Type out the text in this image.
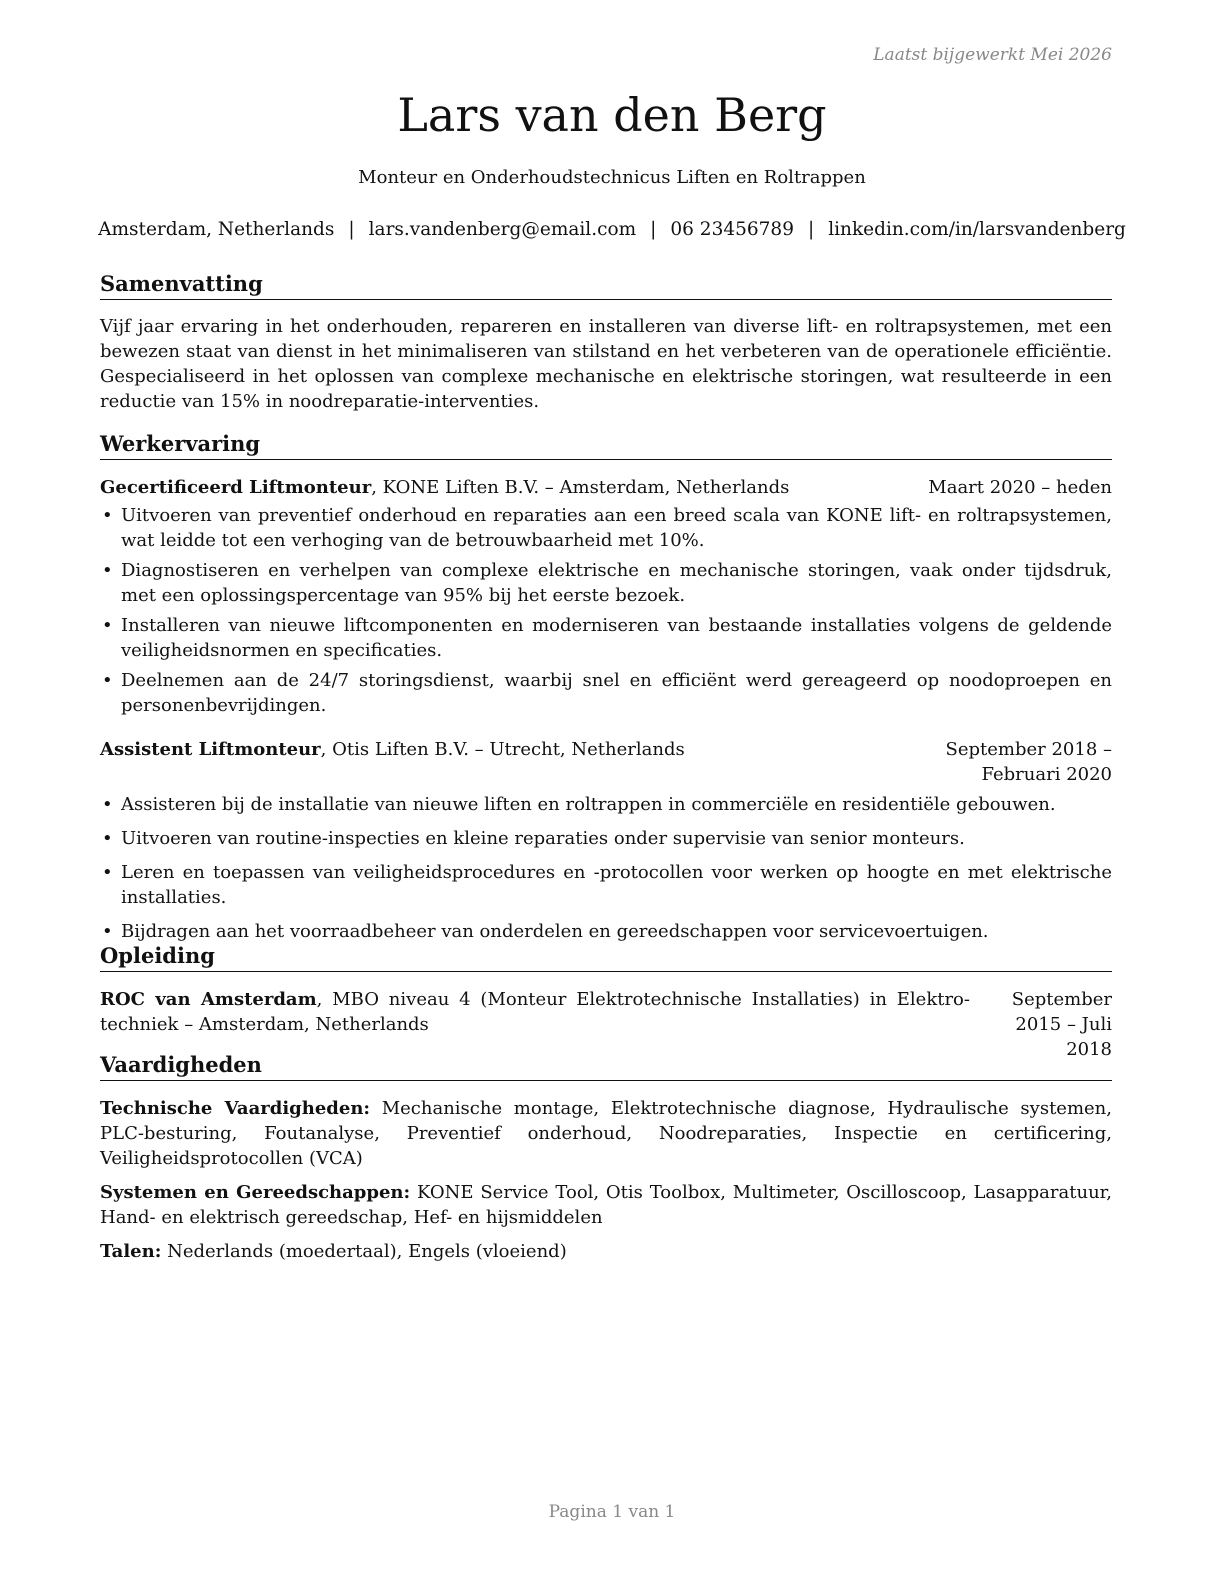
Laatst bijgewerkt Mei 2026
Lars van den Berg
Monteur en Onderhoudstechnicus Liften en Roltrappen
Amsterdam, Netherlands | lars.vandenberg@email.com | 06 23456789 | linkedin.com/in/larsvandenberg
Samenvatting

Vijf jaar ervaring in het onderhouden, repareren en installeren van diverse lift- en roltrapsystemen, met een bewezen staat van dienst in het minimaliseren van stilstand en het verbeteren van de operationele efficiëntie. Gespecialiseerd in het oplossen van complexe mechanische en elektrische storingen, wat resulteerde in een reductie van 15% in noodreparatie-interventies.

Werkervaring
Gecertificeerd Liftmonteur, KONE Liften B.V. – Amsterdam, Netherlands	Maart 2020 – heden
• Uitvoeren van preventief onderhoud en reparaties aan een breed scala van KONE lift- en roltrapsystemen, wat leidde tot een verhoging van de betrouwbaarheid met 10%.
• Diagnostiseren en verhelpen van complexe elektrische en mechanische storingen, vaak onder tijdsdruk, met een oplossingspercentage van 95% bij het eerste bezoek.
• Installeren van nieuwe liftcomponenten en moderniseren van bestaande installaties volgens de geldende veiligheidsnormen en specificaties.
• Deelnemen aan de 24/7 storingsdienst, waarbij snel en efficiënt werd gereageerd op noodoproepen en personenbevrijdingen.
Assistent Liftmonteur, Otis Liften B.V. – Utrecht, Netherlands	September 2018 – Februari 2020
• Assisteren bij de installatie van nieuwe liften en roltrappen in commerciële en residentiële gebouwen.
• Uitvoeren van routine-inspecties en kleine reparaties onder supervisie van senior monteurs.
• Leren en toepassen van veiligheidsprocedures en -protocollen voor werken op hoogte en met elektrische installaties.
• Bijdragen aan het voorraadbeheer van onderdelen en gereedschappen voor servicevoertuigen.
Opleiding
ROC van Amsterdam, MBO niveau 4 (Monteur Elektrotechnische Installaties) in Elektrotechniek – Amsterdam, Netherlands
September 2015 – Juli 2018
Vaardigheden
Technische Vaardigheden: Mechanische montage, Elektrotechnische diagnose, Hydraulische systemen, PLC-besturing, Foutanalyse, Preventief onderhoud, Noodreparaties, Inspectie en certificering, Veiligheidsprotocollen (VCA)
Systemen en Gereedschappen: KONE Service Tool, Otis Toolbox, Multimeter, Oscilloscoop, Lasapparatuur, Hand- en elektrisch gereedschap, Hef- en hijsmiddelen
Talen: Nederlands (moedertaal), Engels (vloeiend)
Pagina 1 van 1
